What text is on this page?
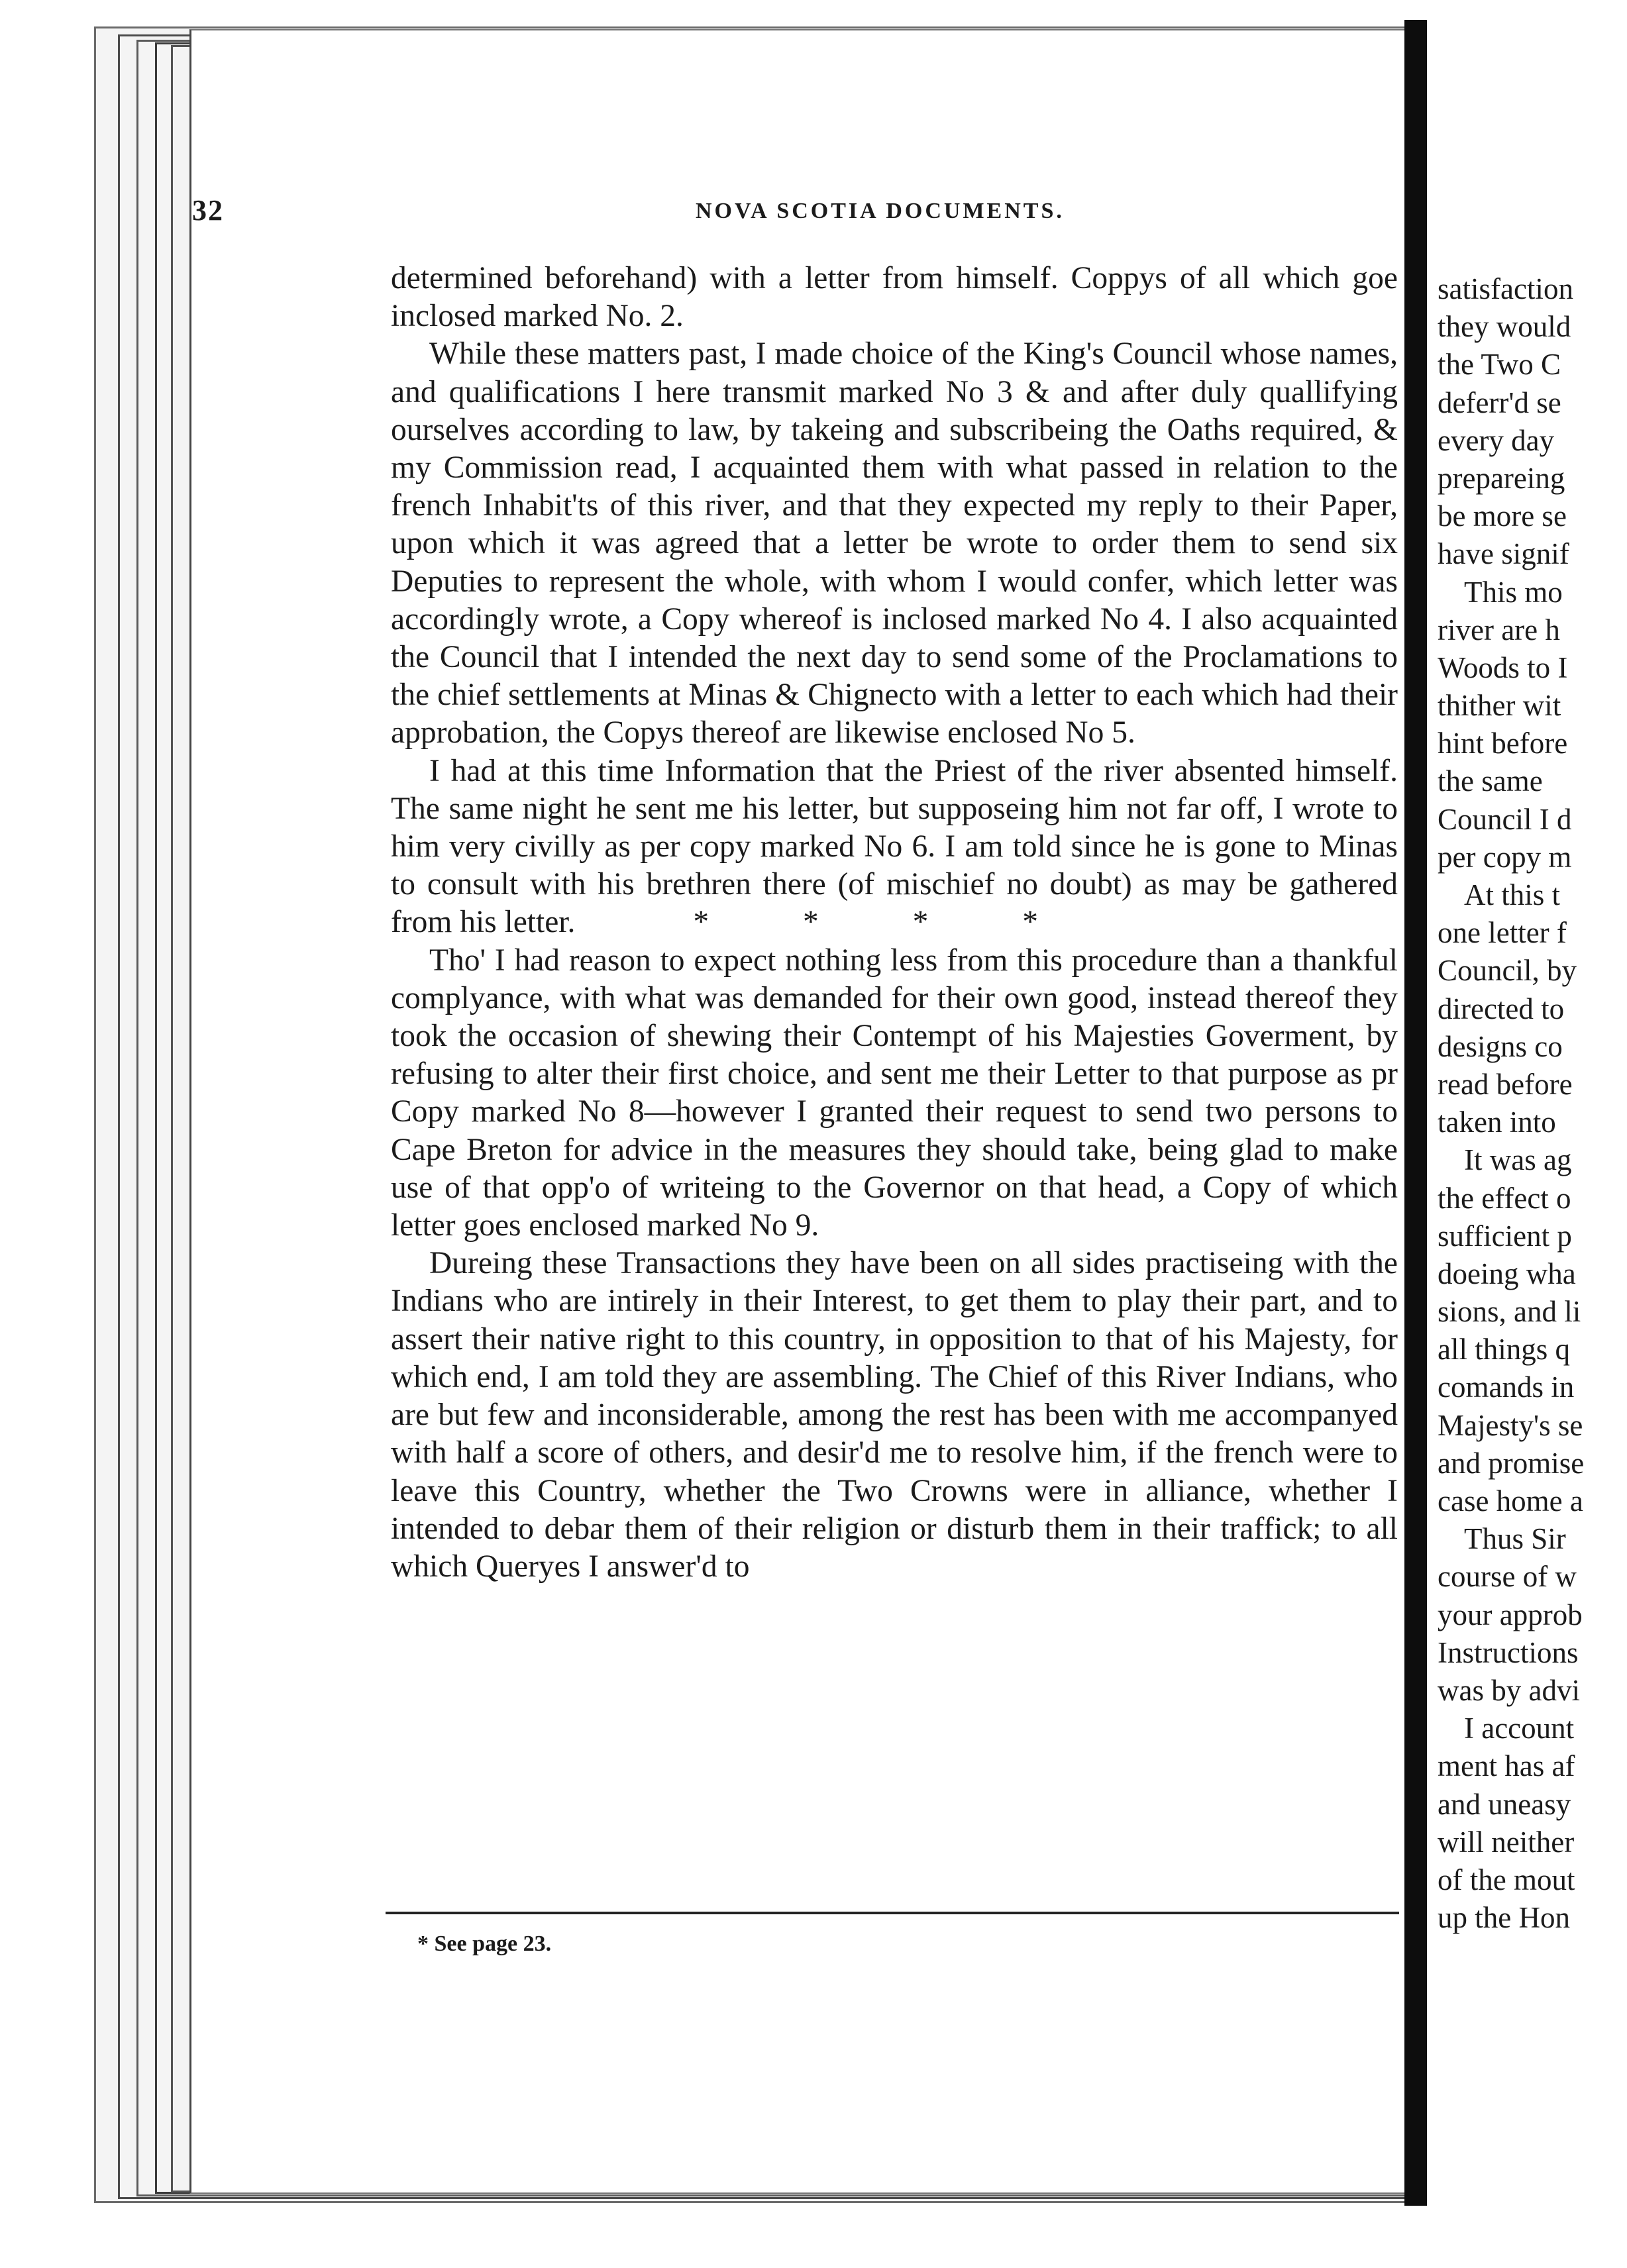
32	NOVA SCOTIA DOCUMENTS.

determined beforehand) with a letter from himself. Coppys of all which goe inclosed marked No. 2.

While these matters past, I made choice of the King's Council whose names, and qualifications I here transmit marked No 3 & and after duly quallifying ourselves according to law, by takeing and subscribeing the Oaths required, & my Commission read, I acquainted them with what passed in relation to the french Inhabit'ts of this river, and that they expected my reply to their Paper, upon which it was agreed that a letter be wrote to order them to send six Deputies to represent the whole, with whom I would confer, which letter was accordingly wrote, a Copy whereof is inclosed marked No 4. I also acquainted the Council that I intended the next day to send some of the Proclamations to the chief settlements at Minas & Chignecto with a letter to each which had their approbation, the Copys thereof are likewise enclosed No 5.

I had at this time Information that the Priest of the river absented himself. The same night he sent me his letter, but supposeing him not far off, I wrote to him very civilly as per copy marked No 6. I am told since he is gone to Minas to consult with his brethren there (of mischief no doubt) as may be gathered from his letter.	* * * *

Tho' I had reason to expect nothing less from this procedure than a thankful complyance, with what was demanded for their own good, instead thereof they took the occasion of shewing their Contempt of his Majesties Goverment, by refusing to alter their first choice, and sent me their Letter to that purpose as pr Copy marked No 8—however I granted their request to send two persons to Cape Breton for advice in the measures they should take, being glad to make use of that opp'o of writeing to the Governor on that head, a Copy of which letter goes enclosed marked No 9.

Dureing these Transactions they have been on all sides practiseing with the Indians who are intirely in their Interest, to get them to play their part, and to assert their native right to this country, in opposition to that of his Majesty, for which end, I am told they are assembling. The Chief of this River Indians, who are but few and inconsiderable, among the rest has been with me accompanyed with half a score of others, and desir'd me to resolve him, if the french were to leave this Country, whether the Two Crowns were in alliance, whether I intended to debar them of their religion or disturb them in their traffick; to all which Queryes I answer'd to

* See page 23.
satisfaction
they would
the Two C
deferr'd se
every day
prepareing
be more se
have signif
This mo
river are h
Woods to I
thither wit
hint before
the same
Council I d
per copy m
At this t
one letter f
Council, by
directed to
designs co
read before
taken into
It was ag
the effect o
sufficient p
doeing wha
sions, and li
all things q
comands in
Majesty's se
and promise
case home a
Thus Sir
course of w
your approb
Instructions
was by advi
I account
ment has af
and uneasy
will neither
of the mout
up the Hon
